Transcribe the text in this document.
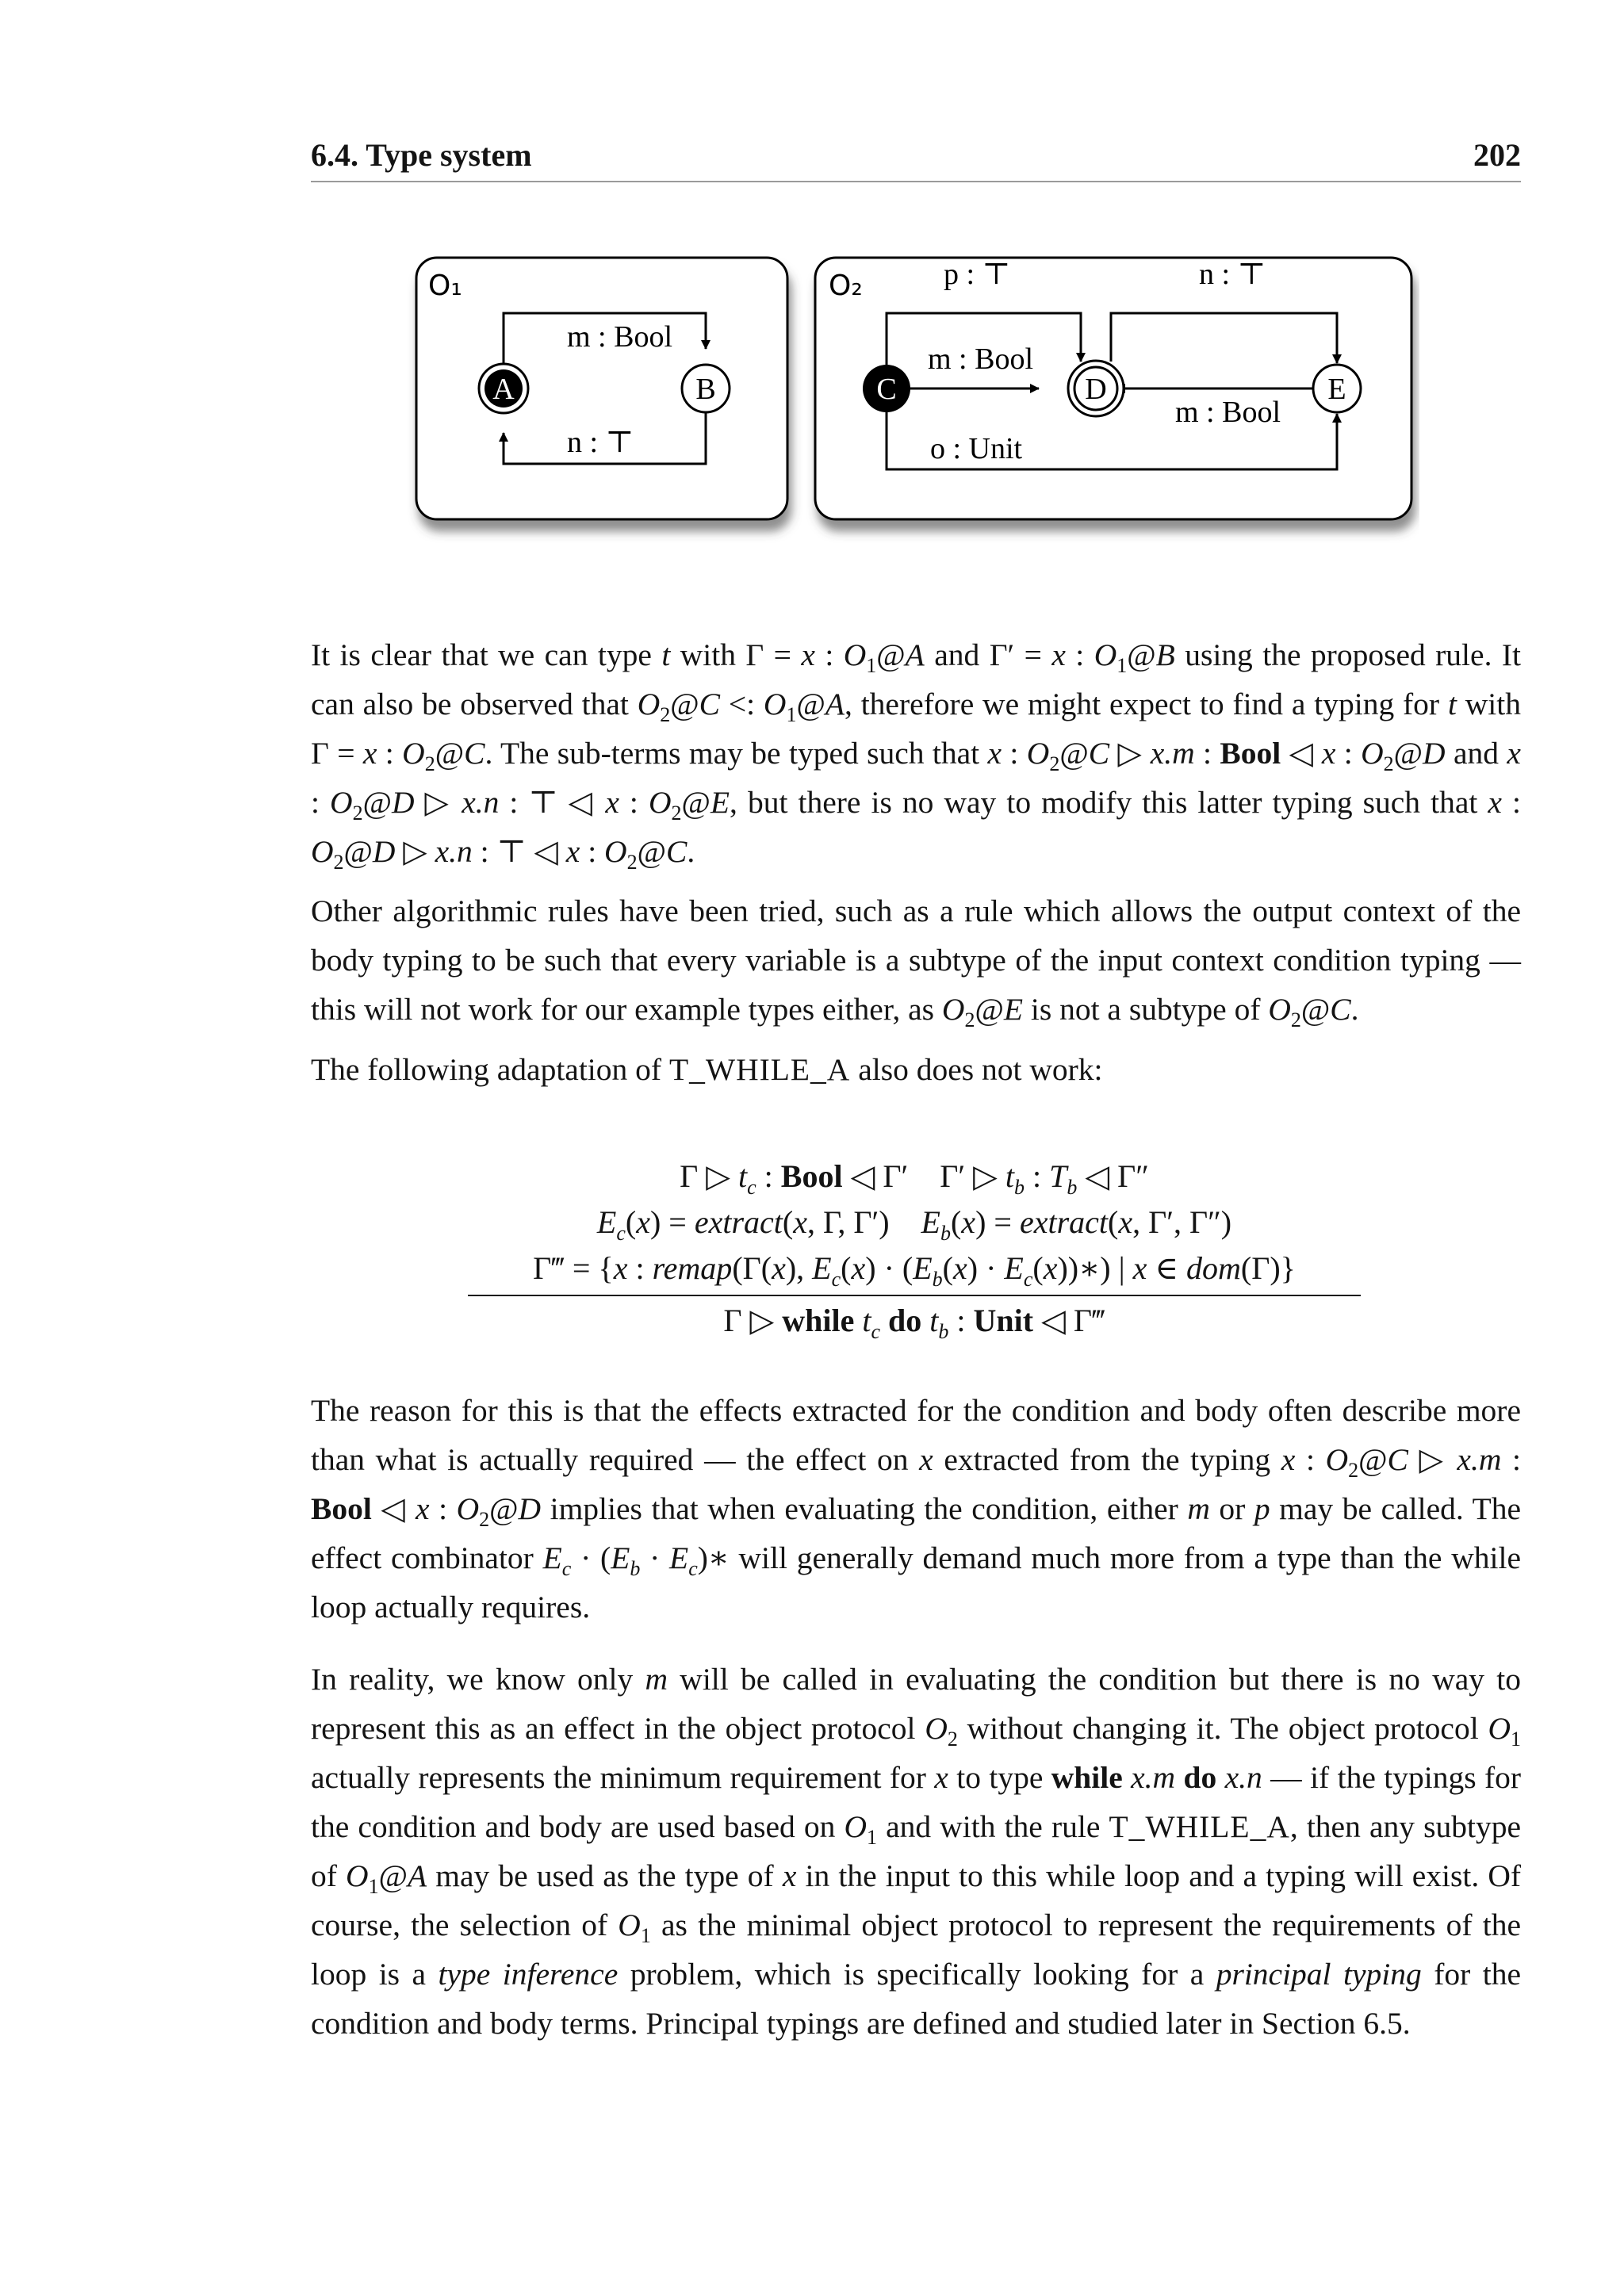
6.4. Type system	202
O₁
m : Bool
n : ⊤
A	B
O₂	p : ⊤	n : ⊤
m : Bool
m : Bool
o : Unit
C	D	E

It is clear that we can type t with Γ = x : $O_1@A$ and Γ′ = x : $O_1@B$ using the proposed rule. It can also be observed that $O_2@C$ <: $O_1@A$, therefore we might expect to find a typing for t with Γ = x : $O_2@C$. The sub-terms may be typed such that x : $O_2@C$ ▷ x.m : Bool ◁ x : $O_2@D$ and x : $O_2@D$ ▷ x.n : ⊤ ◁ x : $O_2@E$, but there is no way to modify this latter typing such that x : $O_2@D$ ▷ x.n : ⊤ ◁ x : $O_2@C$.

Other algorithmic rules have been tried, such as a rule which allows the output context of the body typing to be such that every variable is a subtype of the input context condition typing — this will not work for our example types either, as $O_2@E$ is not a subtype of $O_2@C$.

The following adaptation of T_WHILE_A also does not work:

Γ ▷ $t_c$ : Bool ◁ Γ′    Γ′ ▷ $t_b$ : $T_b$ ◁ Γ″
$E_c(x)$ = extract(x, Γ, Γ′)    $E_b(x)$ = extract(x, Γ′, Γ″)
Γ‴ = {x : remap(Γ(x), $E_c(x) \cdot (E_b(x)$ · $E_c(x))∗$) | x ∈ dom(Γ)}
Γ ▷ while $t_c$ do $t_b$ : Unit ◁ Γ‴

The reason for this is that the effects extracted for the condition and body often describe more than what is actually required — the effect on x extracted from the typing x : $O_2@C$ ▷ x.m : Bool ◁ x : $O_2@D$ implies that when evaluating the condition, either m or p may be called. The effect combinator $E_c \cdot (E_b$ · $E_c)∗$ will generally demand much more from a type than the while loop actually requires.

In reality, we know only m will be called in evaluating the condition but there is no way to represent this as an effect in the object protocol $O_2$ without changing it. The object protocol $O_1$ actually represents the minimum requirement for x to type while x.m do x.n — if the typings for the condition and body are used based on $O_1$ and with the rule T_WHILE_A, then any subtype of $O_1@A$ may be used as the type of x in the input to this while loop and a typing will exist. Of course, the selection of $O_1$ as the minimal object protocol to represent the requirements of the loop is a type inference problem, which is specifically looking for a principal typing for the condition and body terms. Principal typings are defined and studied later in Section 6.5.
